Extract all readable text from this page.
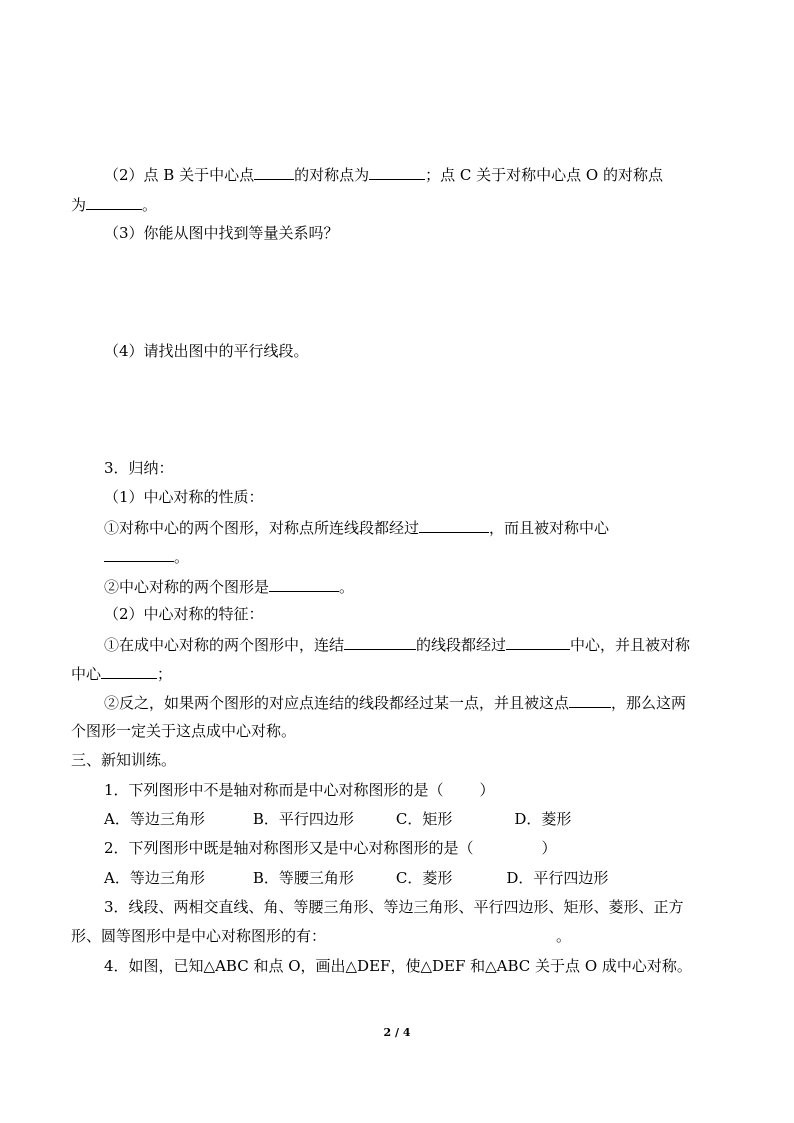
（2）点 B 关于中心点	的对称点为	；点 C 关于对称中心点 O 的对称点
为	。
（3）你能从图中找到等量关系吗？
（4）请找出图中的平行线段。
3．归纳：
（1）中心对称的性质：
①对称中心的两个图形，对称点所连线段都经过	，而且被对称中心
。
②中心对称的两个图形是	。
（2）中心对称的特征：
①在成中心对称的两个图形中，连结	的线段都经过	中心，并且被对称
中心	；
②反之，如果两个图形的对应点连结的线段都经过某一点，并且被这点	，那么这两
个图形一定关于这点成中心对称。
三、新知训练。
1．下列图形中不是轴对称而是中心对称图形的是（ ）
A．等边三角形	B．平行四边形	C．矩形	D．菱形
2．下列图形中既是轴对称图形又是中心对称图形的是（	）
A．等边三角形	B．等腰三角形	C．菱形	D．平行四边形
3．线段、两相交直线、角、等腰三角形、等边三角形、平行四边形、矩形、菱形、正方
形、圆等图形中是中心对称图形的有：	。
4．如图，已知△ABC 和点 O，画出△DEF，使△DEF 和△ABC 关于点 O 成中心对称。
2 / 4
